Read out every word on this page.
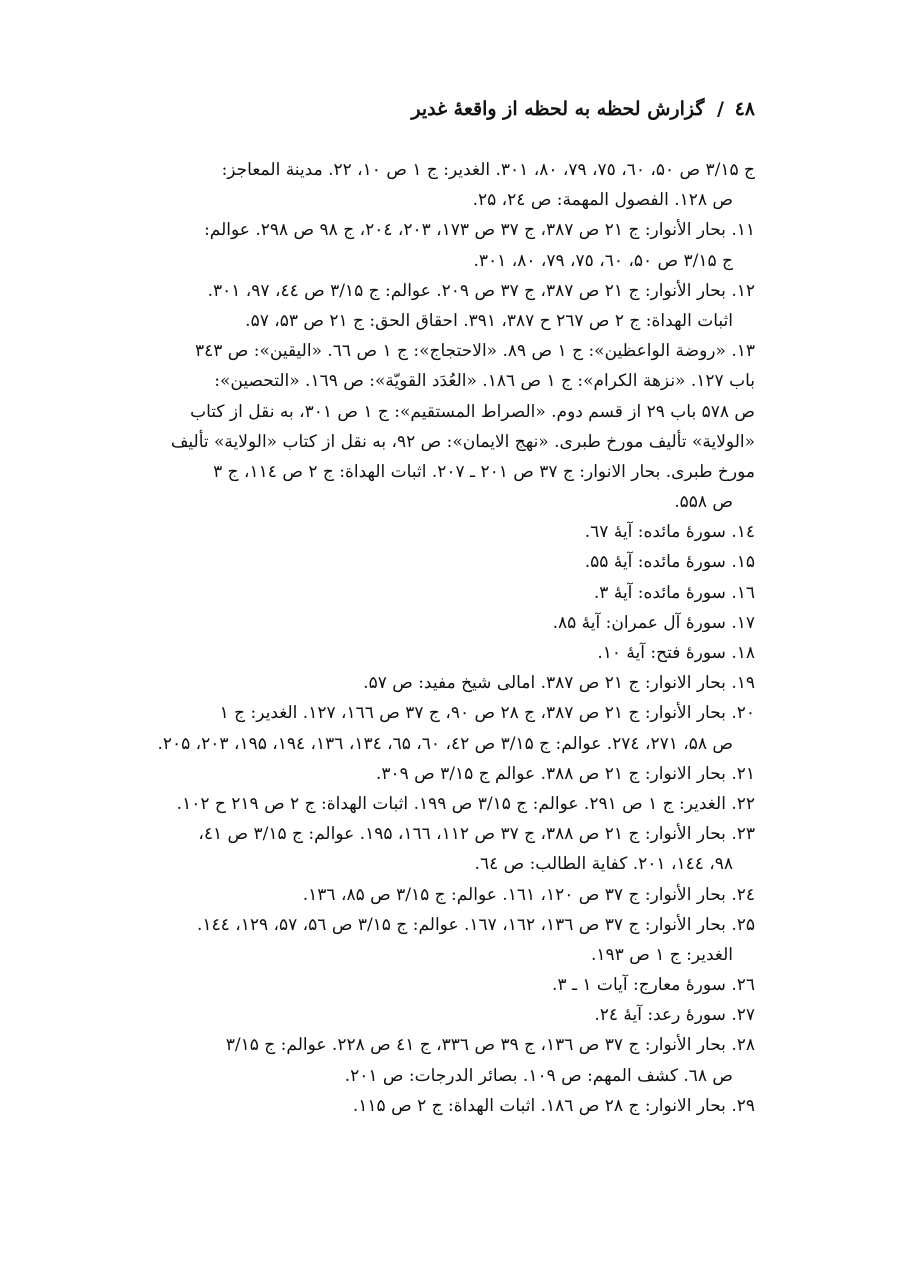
٤٨ / گزارش لحظه به لحظه از واقعهٔ غدیر
ج ۳/۱۵ ص ۵۰، ٦٠، ٧٥، ٧٩، ٨٠، ۳۰۱. الغدیر: ج ۱ ص ۱۰، ۲۲. مدینة المعاجز:
ص ۱۲۸. الفصول المهمة: ص ۲٤، ۲۵.
۱۱. بحار الأنوار: ج ۲۱ ص ۳۸۷، ج ۳۷ ص ۱۷۳، ۲۰۳، ۲۰٤، ج ۹۸ ص ۲۹۸. عوالم:
ج ۳/۱۵ ص ۵۰، ٦٠، ٧٥، ٧٩، ٨٠، ۳۰۱.
۱۲. بحار الأنوار: ج ۲۱ ص ۳۸۷، ج ۳۷ ص ۲۰۹. عوالم: ج ۳/۱۵ ص ٤٤، ۹٧، ۳۰۱.
اثبات الهداة: ج ۲ ص ۲٦٧ ح ۳۸۷، ۳۹۱. احقاق الحق: ج ۲۱ ص ۵۳، ۵٧.
۱۳. «روضة الواعظین»: ج ۱ ص ۸۹. «الاحتجاج»: ج ۱ ص ٦٦. «الیقین»: ص ۳٤۳
باب ۱۲۷. «نزهة الکرام»: ج ۱ ص ۱۸٦. «العُدَد القویّة»: ص ۱٦۹. «التحصین»:
ص ۵۷۸ باب ۲۹ از قسم دوم. «الصراط المستقیم»: ج ۱ ص ۳۰۱، به نقل از کتاب
«الولایة» تألیف مورخ طبری. «نهج الایمان»: ص ۹۲، به نقل از کتاب «الولایة» تألیف
مورخ طبری. بحار الانوار: ج ۳۷ ص ۲۰۱ ـ ۲۰٧. اثبات الهداة: ج ۲ ص ۱۱٤، ج ۳
ص ۵۵۸.
۱٤. سورهٔ مائده: آیهٔ ٦٧.
۱۵. سورهٔ مائده: آیهٔ ۵۵.
۱٦. سورهٔ مائده: آیهٔ ۳.
۱٧. سورهٔ آل عمران: آیهٔ ۸۵.
۱۸. سورهٔ فتح: آیهٔ ۱۰.
۱۹. بحار الانوار: ج ۲۱ ص ۳۸۷. امالی شیخ مفید: ص ۵٧.
۲۰. بحار الأنوار: ج ۲۱ ص ۳۸۷، ج ۲۸ ص ۹۰، ج ۳۷ ص ۱٦٦، ۱۲٧. الغدیر: ج ۱
ص ۵۸، ۲٧۱، ۲٧٤. عوالم: ج ۳/۱۵ ص ٤۲، ٦۰، ٦۵، ۱۳٤، ۱۳٦، ۱۹٤، ۱۹۵، ۲۰۳، ۲۰۵.
۲۱. بحار الانوار: ج ۲۱ ص ۳۸۸. عوالم ج ۳/۱۵ ص ۳۰۹.
۲۲. الغدیر: ج ۱ ص ۲۹۱. عوالم: ج ۳/۱۵ ص ۱۹۹. اثبات الهداة: ج ۲ ص ۲۱۹ ح ۱۰۲.
۲۳. بحار الأنوار: ج ۲۱ ص ۳۸۸، ج ۳۷ ص ۱۱۲، ۱٦٦، ۱۹۵. عوالم: ج ۳/۱۵ ص ٤۱،
۹۸، ۱٤٤، ۲۰۱. کفایة الطالب: ص ٦٤.
۲٤. بحار الأنوار: ج ۳۷ ص ۱۲۰، ۱٦۱. عوالم: ج ۳/۱۵ ص ۸۵، ۱۳٦.
۲۵. بحار الأنوار: ج ۳۷ ص ۱۳٦، ۱٦۲، ۱٦٧. عوالم: ج ۳/۱۵ ص ۵٦، ۵٧، ۱۲۹، ۱٤٤.
الغدیر: ج ۱ ص ۱۹۳.
۲٦. سورهٔ معارج: آیات ۱ ـ ۳.
۲٧. سورهٔ رعد: آیهٔ ۲٤.
۲۸. بحار الأنوار: ج ۳۷ ص ۱۳٦، ج ۳۹ ص ۳۳٦، ج ٤۱ ص ۲۲۸. عوالم: ج ۳/۱۵
ص ٦۸. کشف المهم: ص ۱۰۹. بصائر الدرجات: ص ۲۰۱.
۲۹. بحار الانوار: ج ۲۸ ص ۱۸٦. اثبات الهداة: ج ۲ ص ۱۱۵.
